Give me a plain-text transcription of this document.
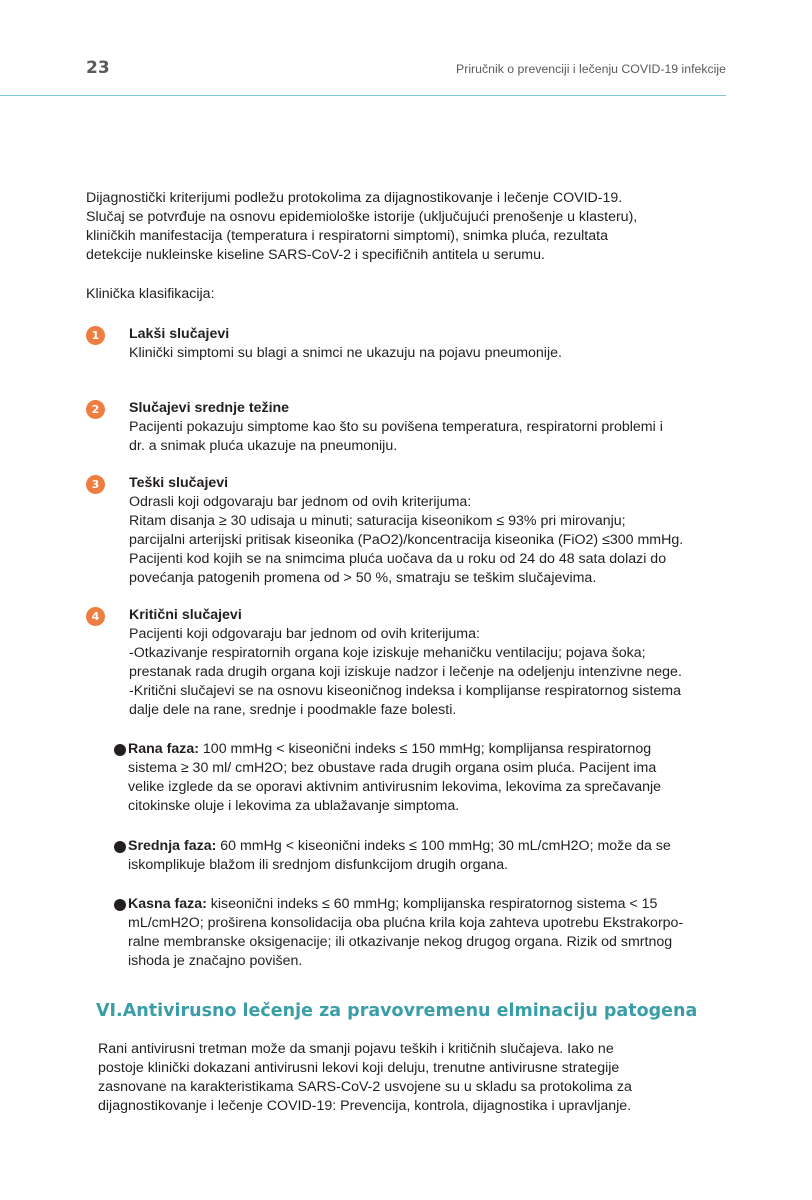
23	Priručnik o prevenciji i lečenju COVID-19 infekcije

Dijagnostički kriterijumi podležu protokolima za dijagnostikovanje i lečenje COVID-19.
Slučaj se potvrđuje na osnovu epidemiološke istorije (uključujući prenošenje u klasteru),
kliničkih manifestacija (temperatura i respiratorni simptomi), snimka pluća, rezultata
detekcije nukleinske kiseline SARS-CoV-2 i specifičnih antitela u serumu.

Klinička klasifikacija:

1	Lakši slučajevi
Klinički simptomi su blagi a snimci ne ukazuju na pojavu pneumonije.
2	Slučajevi srednje težine
Pacijenti pokazuju simptome kao što su povišena temperatura, respiratorni problemi i
dr. a snimak pluća ukazuje na pneumoniju.
3	Teški slučajevi
Odrasli koji odgovaraju bar jednom od ovih kriterijuma:
Ritam disanja ≥ 30 udisaja u minuti; saturacija kiseonikom ≤ 93% pri mirovanju;
parcijalni arterijski pritisak kiseonika (PaO2)/koncentracija kiseonika (FiO2) ≤300 mmHg.
Pacijenti kod kojih se na snimcima pluća uočava da u roku od 24 do 48 sata dolazi do
povećanja patogenih promena od > 50 %, smatraju se teškim slučajevima.
4	Kritični slučajevi
Pacijenti koji odgovaraju bar jednom od ovih kriterijuma:
-Otkazivanje respiratornih organa koje iziskuje mehaničku ventilaciju; pojava šoka;
prestanak rada drugih organa koji iziskuje nadzor i lečenje na odeljenju intenzivne nege.
-Kritični slučajevi se na osnovu kiseoničnog indeksa i komplijanse respiratornog sistema
dalje dele na rane, srednje i poodmakle faze bolesti.
Rana faza: 100 mmHg < kiseonični indeks ≤ 150 mmHg; komplijansa respiratornog
sistema ≥ 30 ml/ cmH2O; bez obustave rada drugih organa osim pluća. Pacijent ima
velike izglede da se oporavi aktivnim antivirusnim lekovima, lekovima za sprečavanje
citokinske oluje i lekovima za ublažavanje simptoma.
Srednja faza: 60 mmHg < kiseonični indeks ≤ 100 mmHg; 30 mL/cmH2O; može da se
iskomplikuje blažom ili srednjom disfunkcijom drugih organa.
Kasna faza: kiseonični indeks ≤ 60 mmHg; komplijanska respiratornog sistema < 15
mL/cmH2O; proširena konsolidacija oba plućna krila koja zahteva upotrebu Ekstrakorpo-
ralne membranske oksigenacije; ili otkazivanje nekog drugog organa. Rizik od smrtnog
ishoda je značajno povišen.
VI.Antivirusno lečenje za pravovremenu elminaciju patogena

Rani antivirusni tretman može da smanji pojavu teških i kritičnih slučajeva. Iako ne
postoje klinički dokazani antivirusni lekovi koji deluju, trenutne antivirusne strategije
zasnovane na karakteristikama SARS-CoV-2 usvojene su u skladu sa protokolima za
dijagnostikovanje i lečenje COVID-19: Prevencija, kontrola, dijagnostika i upravljanje.
